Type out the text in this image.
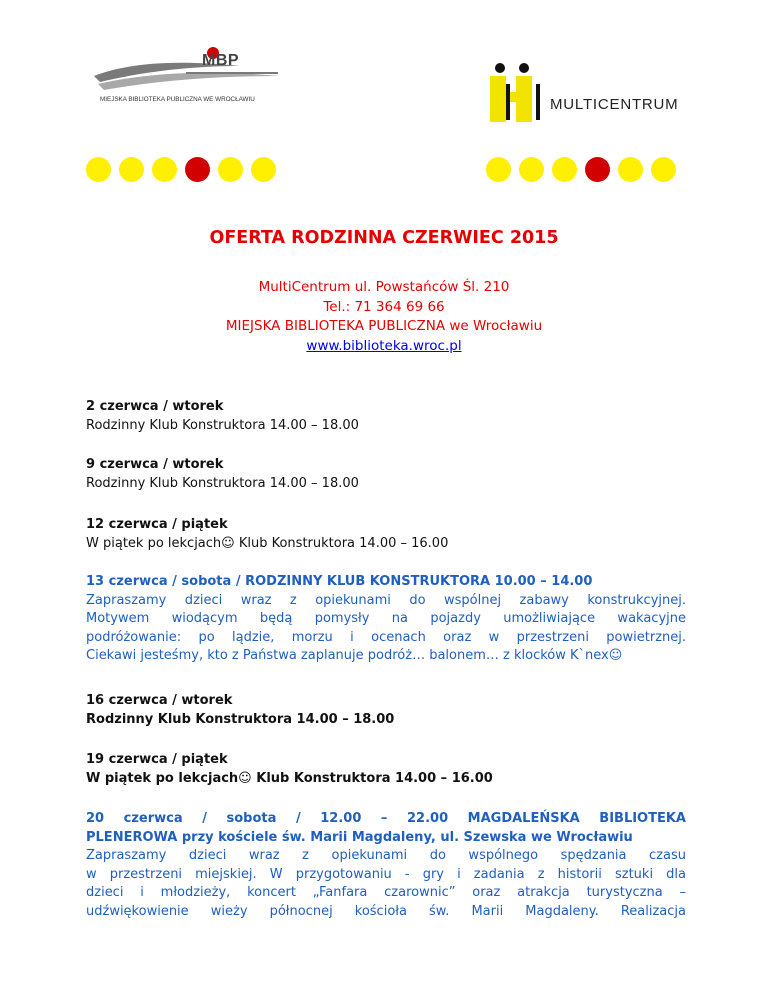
MBP
MIEJSKA BIBLIOTEKA PUBLICZNA WE WROCŁAWIU	MULTICENTRUM
OFERTA RODZINNA CZERWIEC 2015
MultiCentrum ul. Powstańców Śl. 210
Tel.: 71 364 69 66
MIEJSKA BIBLIOTEKA PUBLICZNA we Wrocławiu
www.biblioteka.wroc.pl
2 czerwca / wtorek
Rodzinny Klub Konstruktora 14.00 – 18.00
9 czerwca / wtorek
Rodzinny Klub Konstruktora 14.00 – 18.00
12 czerwca / piątek
W piątek po lekcjach☺ Klub Konstruktora 14.00 – 16.00
13 czerwca / sobota / RODZINNY KLUB KONSTRUKTORA 10.00 – 14.00
Zapraszamy dzieci wraz z opiekunami do wspólnej zabawy konstrukcyjnej.
Motywem wiodącym będą pomysły na pojazdy umożliwiające wakacyjne
podróżowanie: po lądzie, morzu i ocenach oraz w przestrzeni powietrznej.
Ciekawi jesteśmy, kto z Państwa zaplanuje podróż… balonem… z klocków K`nex☺
16 czerwca / wtorek
Rodzinny Klub Konstruktora 14.00 – 18.00
19 czerwca / piątek
W piątek po lekcjach☺ Klub Konstruktora 14.00 – 16.00
20 czerwca / sobota / 12.00 – 22.00 MAGDALEŃSKA BIBLIOTEKA
PLENEROWA przy kościele św. Marii Magdaleny, ul. Szewska we Wrocławiu
Zapraszamy dzieci wraz z opiekunami do wspólnego spędzania czasu
w przestrzeni miejskiej. W przygotowaniu - gry i zadania z historii sztuki dla
dzieci i młodzieży, koncert „Fanfara czarownic” oraz atrakcja turystyczna –
udźwiękowienie wieży północnej kościoła św. Marii Magdaleny. Realizacja
